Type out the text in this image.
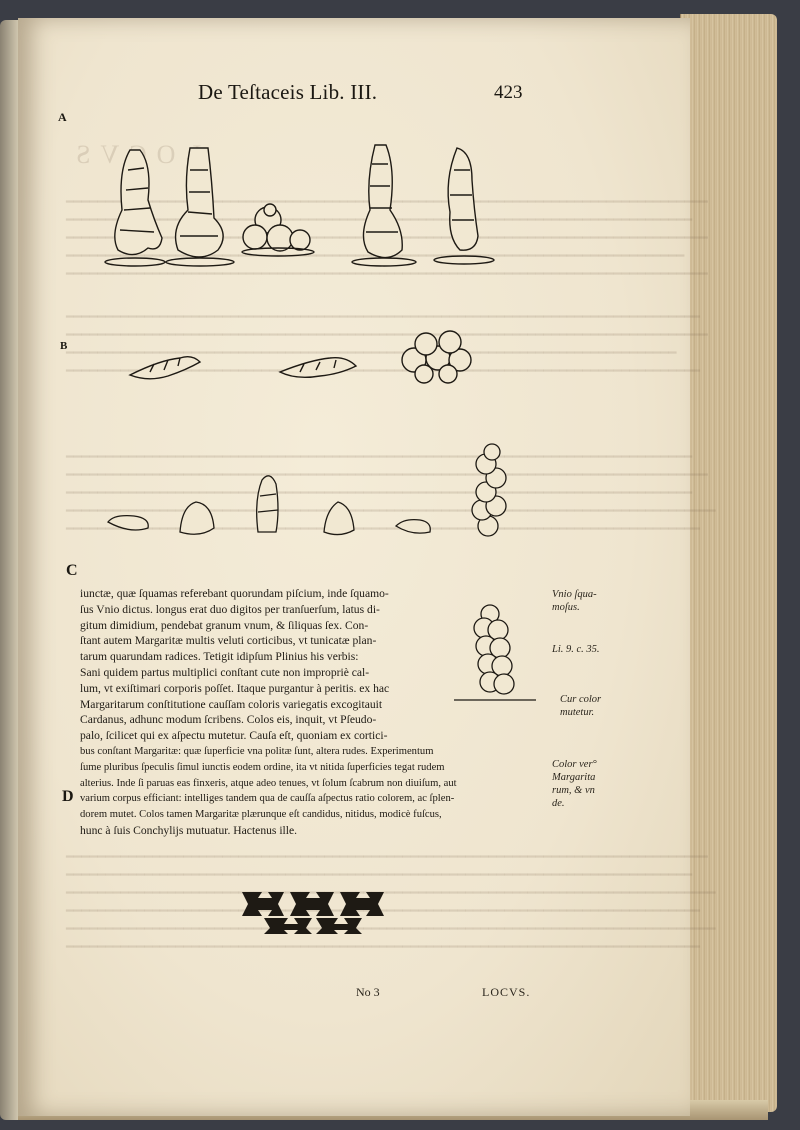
━━━━━━━━━━━━━━━━━━━━━━━━━━━━━━━━━━━━━━━━━━━━━━━━━━━━━━━━━━━━━━━━━━━━━━━━━━━━━━━━━━
━━━━━━━━━━━━━━━━━━━━━━━━━━━━━━━━━━━━━━━━━━━━━━━━━━━━━━━━━━━━━━━━━━━━━━━━━━━━━━━━━
━━━━━━━━━━━━━━━━━━━━━━━━━━━━━━━━━━━━━━━━━━━━━━━━━━━━━━━━━━━━━━━━━━━━━━━━━━━━━━━━━━
━━━━━━━━━━━━━━━━━━━━━━━━━━━━━━━━━━━━━━━━━━━━━━━━━━━━━━━━━━━━━━━━━━━━━━━━━━━━━━
━━━━━━━━━━━━━━━━━━━━━━━━━━━━━━━━━━━━━━━━━━━━━━━━━━━━━━━━━━━━━━━━━━━━━━━━━━━━━━━━━
━━━━━━━━━━━━━━━━━━━━━━━━━━━━━━━━━━━━━━━━━━━━━━━━━━━━━━━━━━━━━━━━━━━━━━━━━━━━━━━━
━━━━━━━━━━━━━━━━━━━━━━━━━━━━━━━━━━━━━━━━━━━━━━━━━━━━━━━━━━━━━━━━━━━━━━━━━━━━━━━━━━
━━━━━━━━━━━━━━━━━━━━━━━━━━━━━━━━━━━━━━━━━━━━━━━━━━━━━━━━━━━━━━━━━━━━━━━━━━━━━━━━
━━━━━━━━━━━━━━━━━━━━━━━━━━━━━━━━━━━━━━━━━━━━━━━━━━━━━━━━━━━━━━━━━━━━━━━━━━━━━━━━━━━
━━━━━━━━━━━━━━━━━━━━━━━━━━━━━━━━━━━━━━━━━━━━━━━━━━━━━━━━━━━━━━━━━━━━━━━━━━━━━━━━━
━━━━━━━━━━━━━━━━━━━━━━━━━━━━━━━━━━━━━━━━━━━━━━━━━━━━━━━━━━━━━━━━━━━━━━━━━━━━━━━━━━
━━━━━━━━━━━━━━━━━━━━━━━━━━━━━━━━━━━━━━━━━━━━━━━━━━━━━━━━━━━━━━━━━━━━━━━━━━━━━━━━
━━━━━━━━━━━━━━━━━━━━━━━━━━━━━━━━━━━━━━━━━━━━━━━━━━━━━━━━━━━━━━━━━━━━━━━━━━━━━━━━━━━
━━━━━━━━━━━━━━━━━━━━━━━━━━━━━━━━━━━━━━━━━━━━━━━━━━━━━━━━━━━━━━━━━━━━━━━━━━━━━━━━━
━━━━━━━━━━━━━━━━━━━━━━━━━━━━━━━━━━━━━━━━━━━━━━━━━━━━━━━━━━━━━━━━━━━━━━━━━━━━━━━━━━━
━━━━━━━━━━━━━━━━━━━━━━━━━━━━━━━━━━━━━━━━━━━━━━━━━━━━━━━━━━━━━━━━━━━━━━━━━━━━━━━━━
De Teſtaceis Lib. III.	423
A
B
C
D
iunctæ, quæ ſquamas referebant quorundam piſcium, inde ſquamo-
ſus Vnio dictus. longus erat duo digitos per tranſuerſum, latus di-
gitum dimidium, pendebat granum vnum, & ſiliquas ſex. Con-
ſtant autem Margaritæ multis veluti corticibus, vt tunicatæ plan-
tarum quarundam radices. Tetigit idipſum Plinius his verbis:
Sani quidem partus multiplici conſtant cute non impropriè cal-
lum, vt exiſtimari corporis poſſet. Itaque purgantur à peritis. ex hac
Margaritarum conſtitutione cauſſam coloris variegatis excogitauit
Cardanus, adhunc modum ſcribens. Colos eis, inquit, vt Pſeudo-
palo, ſcilicet qui ex aſpectu mutetur. Cauſa eſt, quoniam ex cortici-
bus conſtant Margaritæ: quæ ſuperficie vna politæ ſunt, altera rudes. Experimentum
ſume pluribus ſpeculis ſimul iunctis eodem ordine, ita vt nitida ſuperficies tegat rudem
alterius. Inde ſi paruas eas finxeris, atque adeo tenues, vt ſolum ſcabrum non diuiſum, aut
varium corpus efficiant: intelliges tandem qua de cauſſa aſpectus ratio colorem, ac ſplen-
dorem mutet. Colos tamen Margaritæ plærunque eſt candidus, nitidus, modicè fuſcus,
hunc à ſuis Conchylijs mutuatur. Hactenus ille.
Vnio ſqua-
moſus.
Li. 9. c. 35.
Cur color
mutetur.
Color ver°
Margarita
rum, & vn
de.
No 3	LOCVS.
